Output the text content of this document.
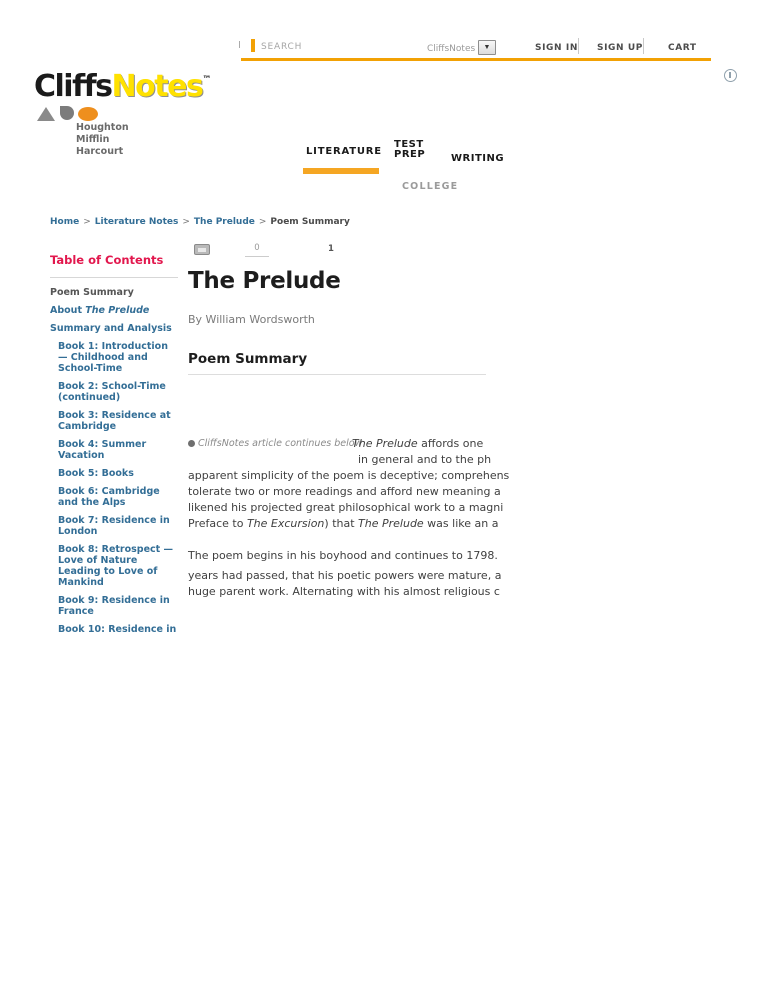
SEARCH	CliffsNotes ▼	SIGN IN SIGN UP	CART
CliffsNotes™
Houghton
Mifflin
Harcourt	LITERATURE
TEST
PREP	WRITING
COLLEGE
Home > Literature Notes > The Prelude > Poem Summary
Table of Contents
Poem Summary
About The Prelude
Summary and Analysis
Book 1: Introduction — Childhood and School-Time
Book 2: School-Time (continued)
Book 3: Residence at Cambridge
Book 4: Summer Vacation
Book 5: Books
Book 6: Cambridge and the Alps
Book 7: Residence in London
Book 8: Retrospect — Love of Nature Leading to Love of Mankind
Book 9: Residence in France
Book 10: Residence in
0	1
The Prelude
By William Wordsworth
Poem Summary
CliffsNotes article continues below
The Prelude affords one
in general and to the ph
apparent simplicity of the poem is deceptive; comprehens
tolerate two or more readings and afford new meaning a
likened his projected great philosophical work to a magni
Preface to The Excursion) that The Prelude was like an a
The poem begins in his boyhood and continues to 1798.
years had passed, that his poetic powers were mature, a
huge parent work. Alternating with his almost religious c
